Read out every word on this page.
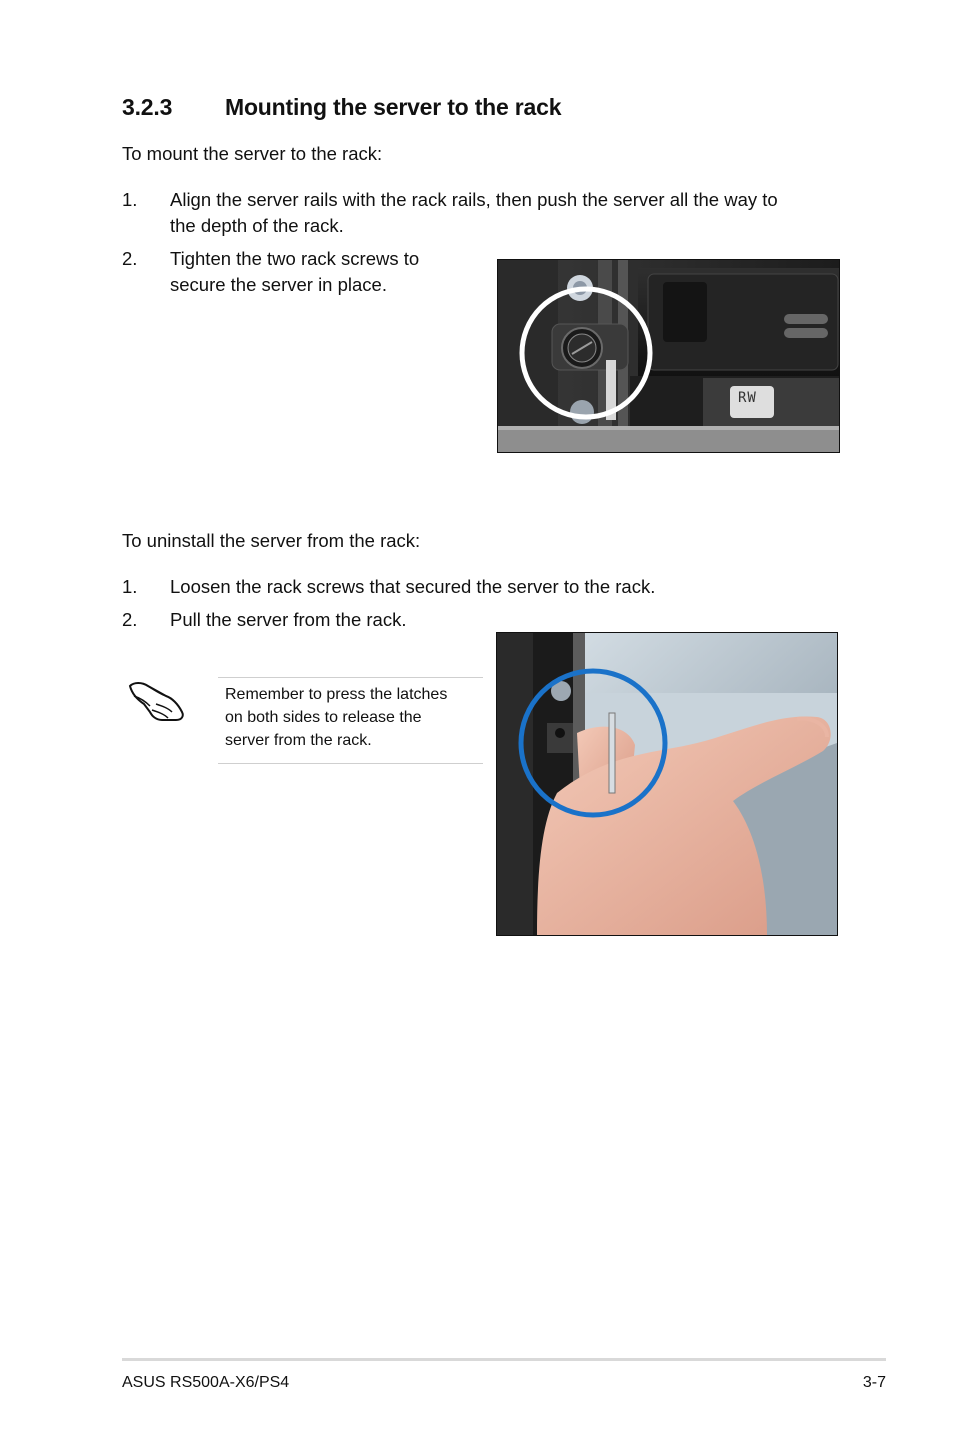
3.2.3 Mounting the server to the rack
To mount the server to the rack:
1. Align the server rails with the rack rails, then push the server all the way to
the depth of the rack.
2. Tighten the two rack screws to
secure the server in place.
RW
DVD+R DL
To uninstall the server from the rack:
1. Loosen the rack screws that secured the server to the rack.
2. Pull the server from the rack.
Remember to press the latches
on both sides to release the
server from the rack.
ASUS RS500A-X6/PS4	3-7
